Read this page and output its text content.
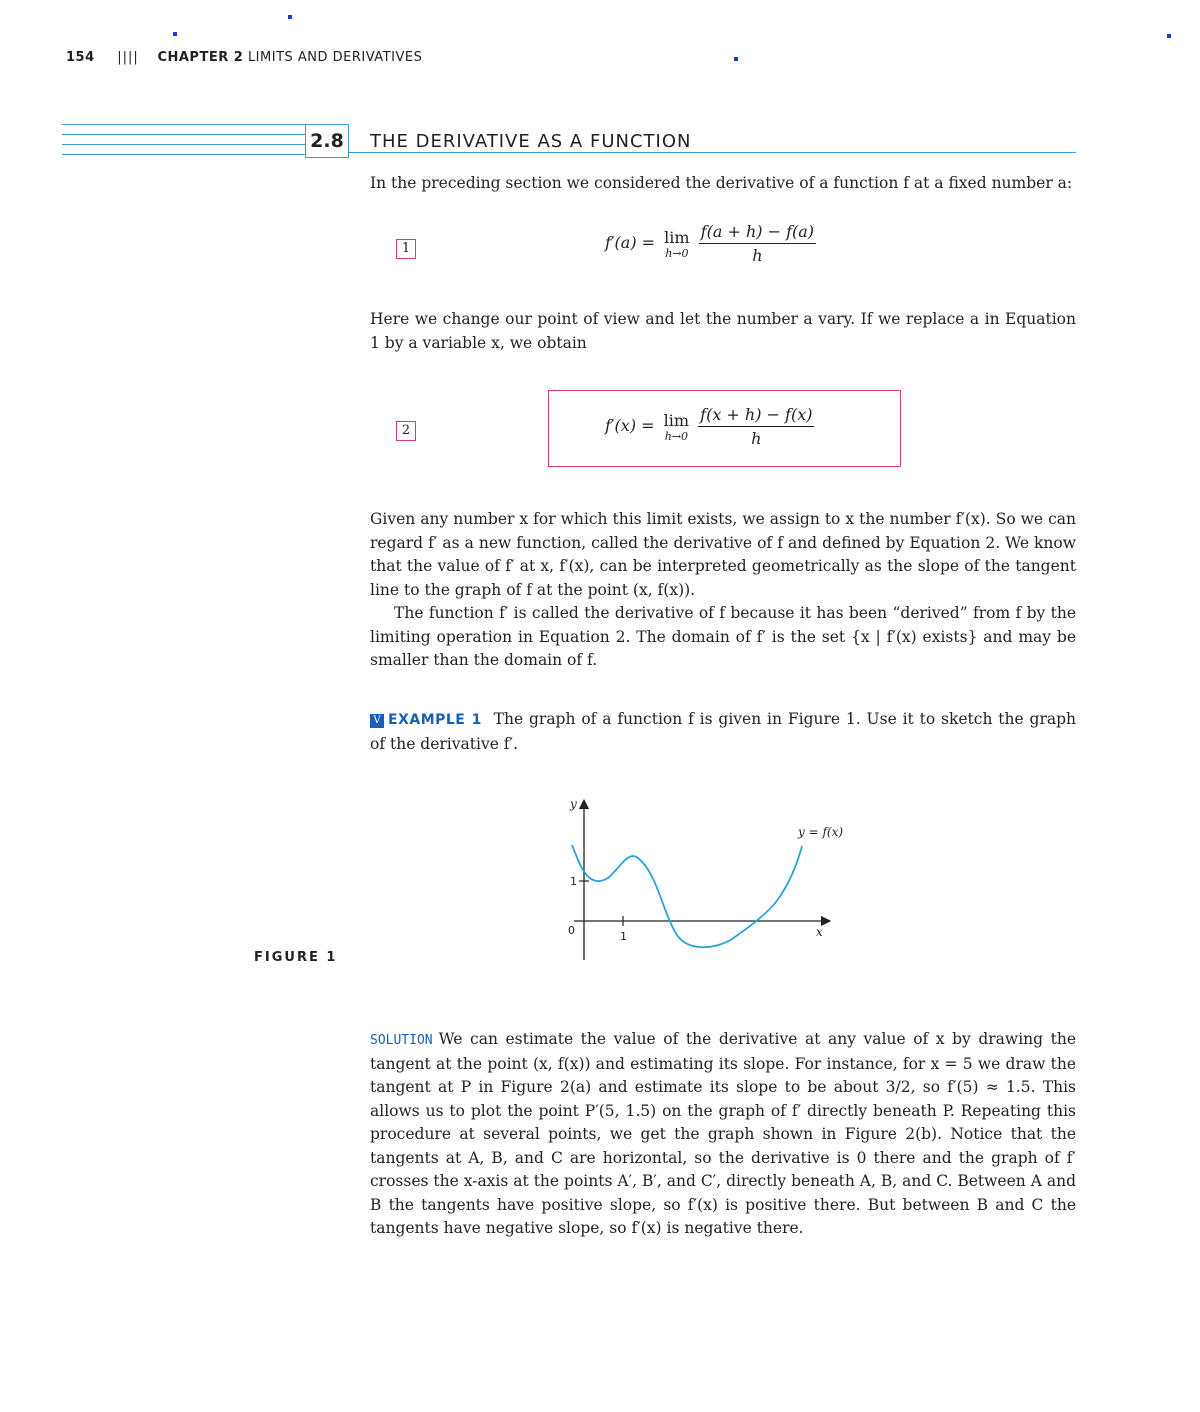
154 |||| CHAPTER 2 LIMITS AND DERIVATIVES
2.8 THE DERIVATIVE AS A FUNCTION
In the preceding section we considered the derivative of a function f at a fixed number a:
1	f′(a) = lim
h→0
$\frac{f(a + h) - f(a)}{h}$
Here we change our point of view and let the number a vary. If we replace a in Equation 1 by a variable x, we obtain
2	f′(x) = lim
h→0
$\frac{f(x + h) - f(x)}{h}$
Given any number x for which this limit exists, we assign to x the number f′(x). So we can regard f′ as a new function, called the derivative of f and defined by Equation 2. We know that the value of f′ at x, f′(x), can be interpreted geometrically as the slope of the tangent line to the graph of f at the point (x, f(x)).
The function f′ is called the derivative of f because it has been “derived” from f by the limiting operation in Equation 2. The domain of f′ is the set {x | f′(x) exists} and may be smaller than the domain of f.
V EXAMPLE 1 The graph of a function f is given in Figure 1. Use it to sketch the graph of the derivative f′.
y
x
0	1
1
y = f(x)
FIGURE 1
SOLUTION We can estimate the value of the derivative at any value of x by drawing the tangent at the point (x, f(x)) and estimating its slope. For instance, for x = 5 we draw the tangent at P in Figure 2(a) and estimate its slope to be about 3/2, so f′(5) ≈ 1.5. This allows us to plot the point P′(5, 1.5) on the graph of f′ directly beneath P. Repeating this procedure at several points, we get the graph shown in Figure 2(b). Notice that the tangents at A, B, and C are horizontal, so the derivative is 0 there and the graph of f′ crosses the x-axis at the points A′, B′, and C′, directly beneath A, B, and C. Between A and B the tangents have positive slope, so f′(x) is positive there. But between B and C the tangents have negative slope, so f′(x) is negative there.
